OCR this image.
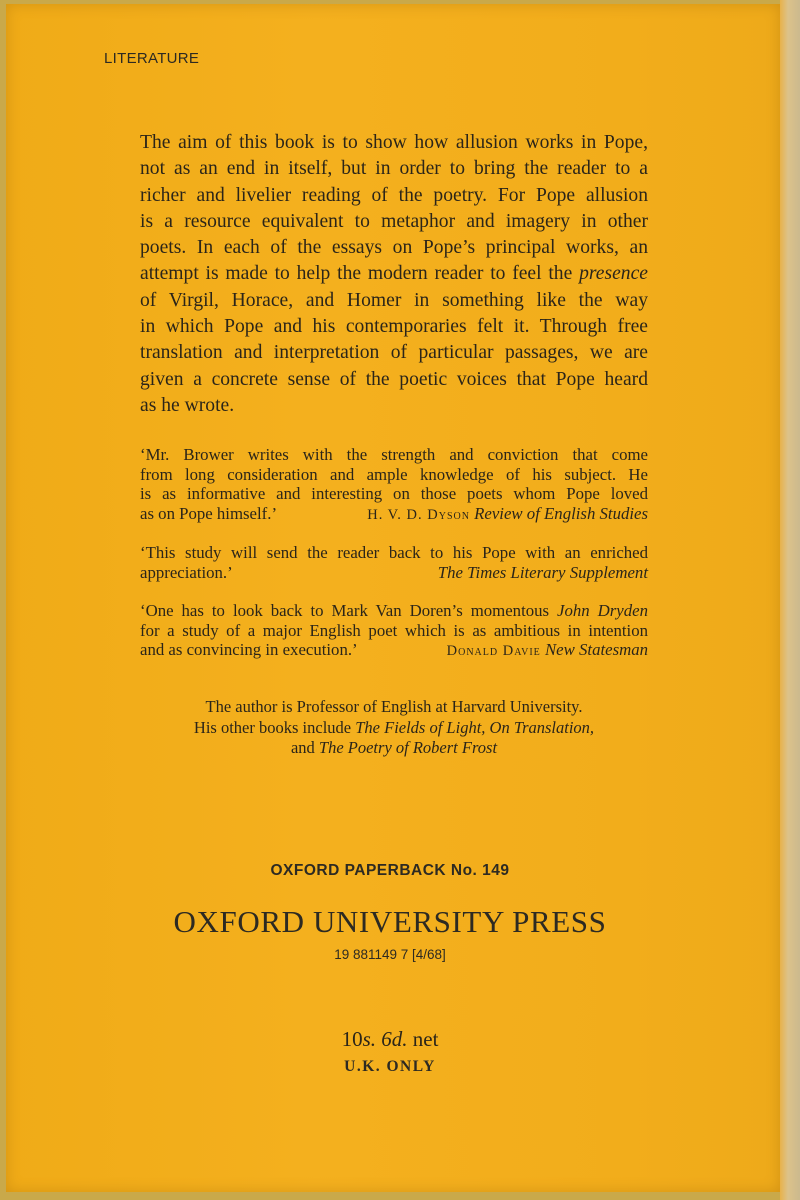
LITERATURE
The aim of this book is to show how allusion works in Pope,
not as an end in itself, but in order to bring the reader to a
richer and livelier reading of the poetry. For Pope allusion
is a resource equivalent to metaphor and imagery in other
poets. In each of the essays on Pope’s principal works, an
attempt is made to help the modern reader to feel the presence
of Virgil, Horace, and Homer in something like the way
in which Pope and his contemporaries felt it. Through free
translation and interpretation of particular passages, we are
given a concrete sense of the poetic voices that Pope heard
as he wrote.
‘Mr. Brower writes with the strength and conviction that come
from long consideration and ample knowledge of his subject. He
is as informative and interesting on those poets whom Pope loved
as on Pope himself.’	H. V. D. Dyson Review of English Studies
‘This study will send the reader back to his Pope with an enriched
appreciation.’	The Times Literary Supplement
‘One has to look back to Mark Van Doren’s momentous John Dryden
for a study of a major English poet which is as ambitious in intention
and as convincing in execution.’	Donald Davie New Statesman
The author is Professor of English at Harvard University.
His other books include The Fields of Light, On Translation,
and The Poetry of Robert Frost
OXFORD PAPERBACK No. 149
OXFORD UNIVERSITY PRESS
19 881149 7 [4/68]
10s. 6d. net
U.K. ONLY
